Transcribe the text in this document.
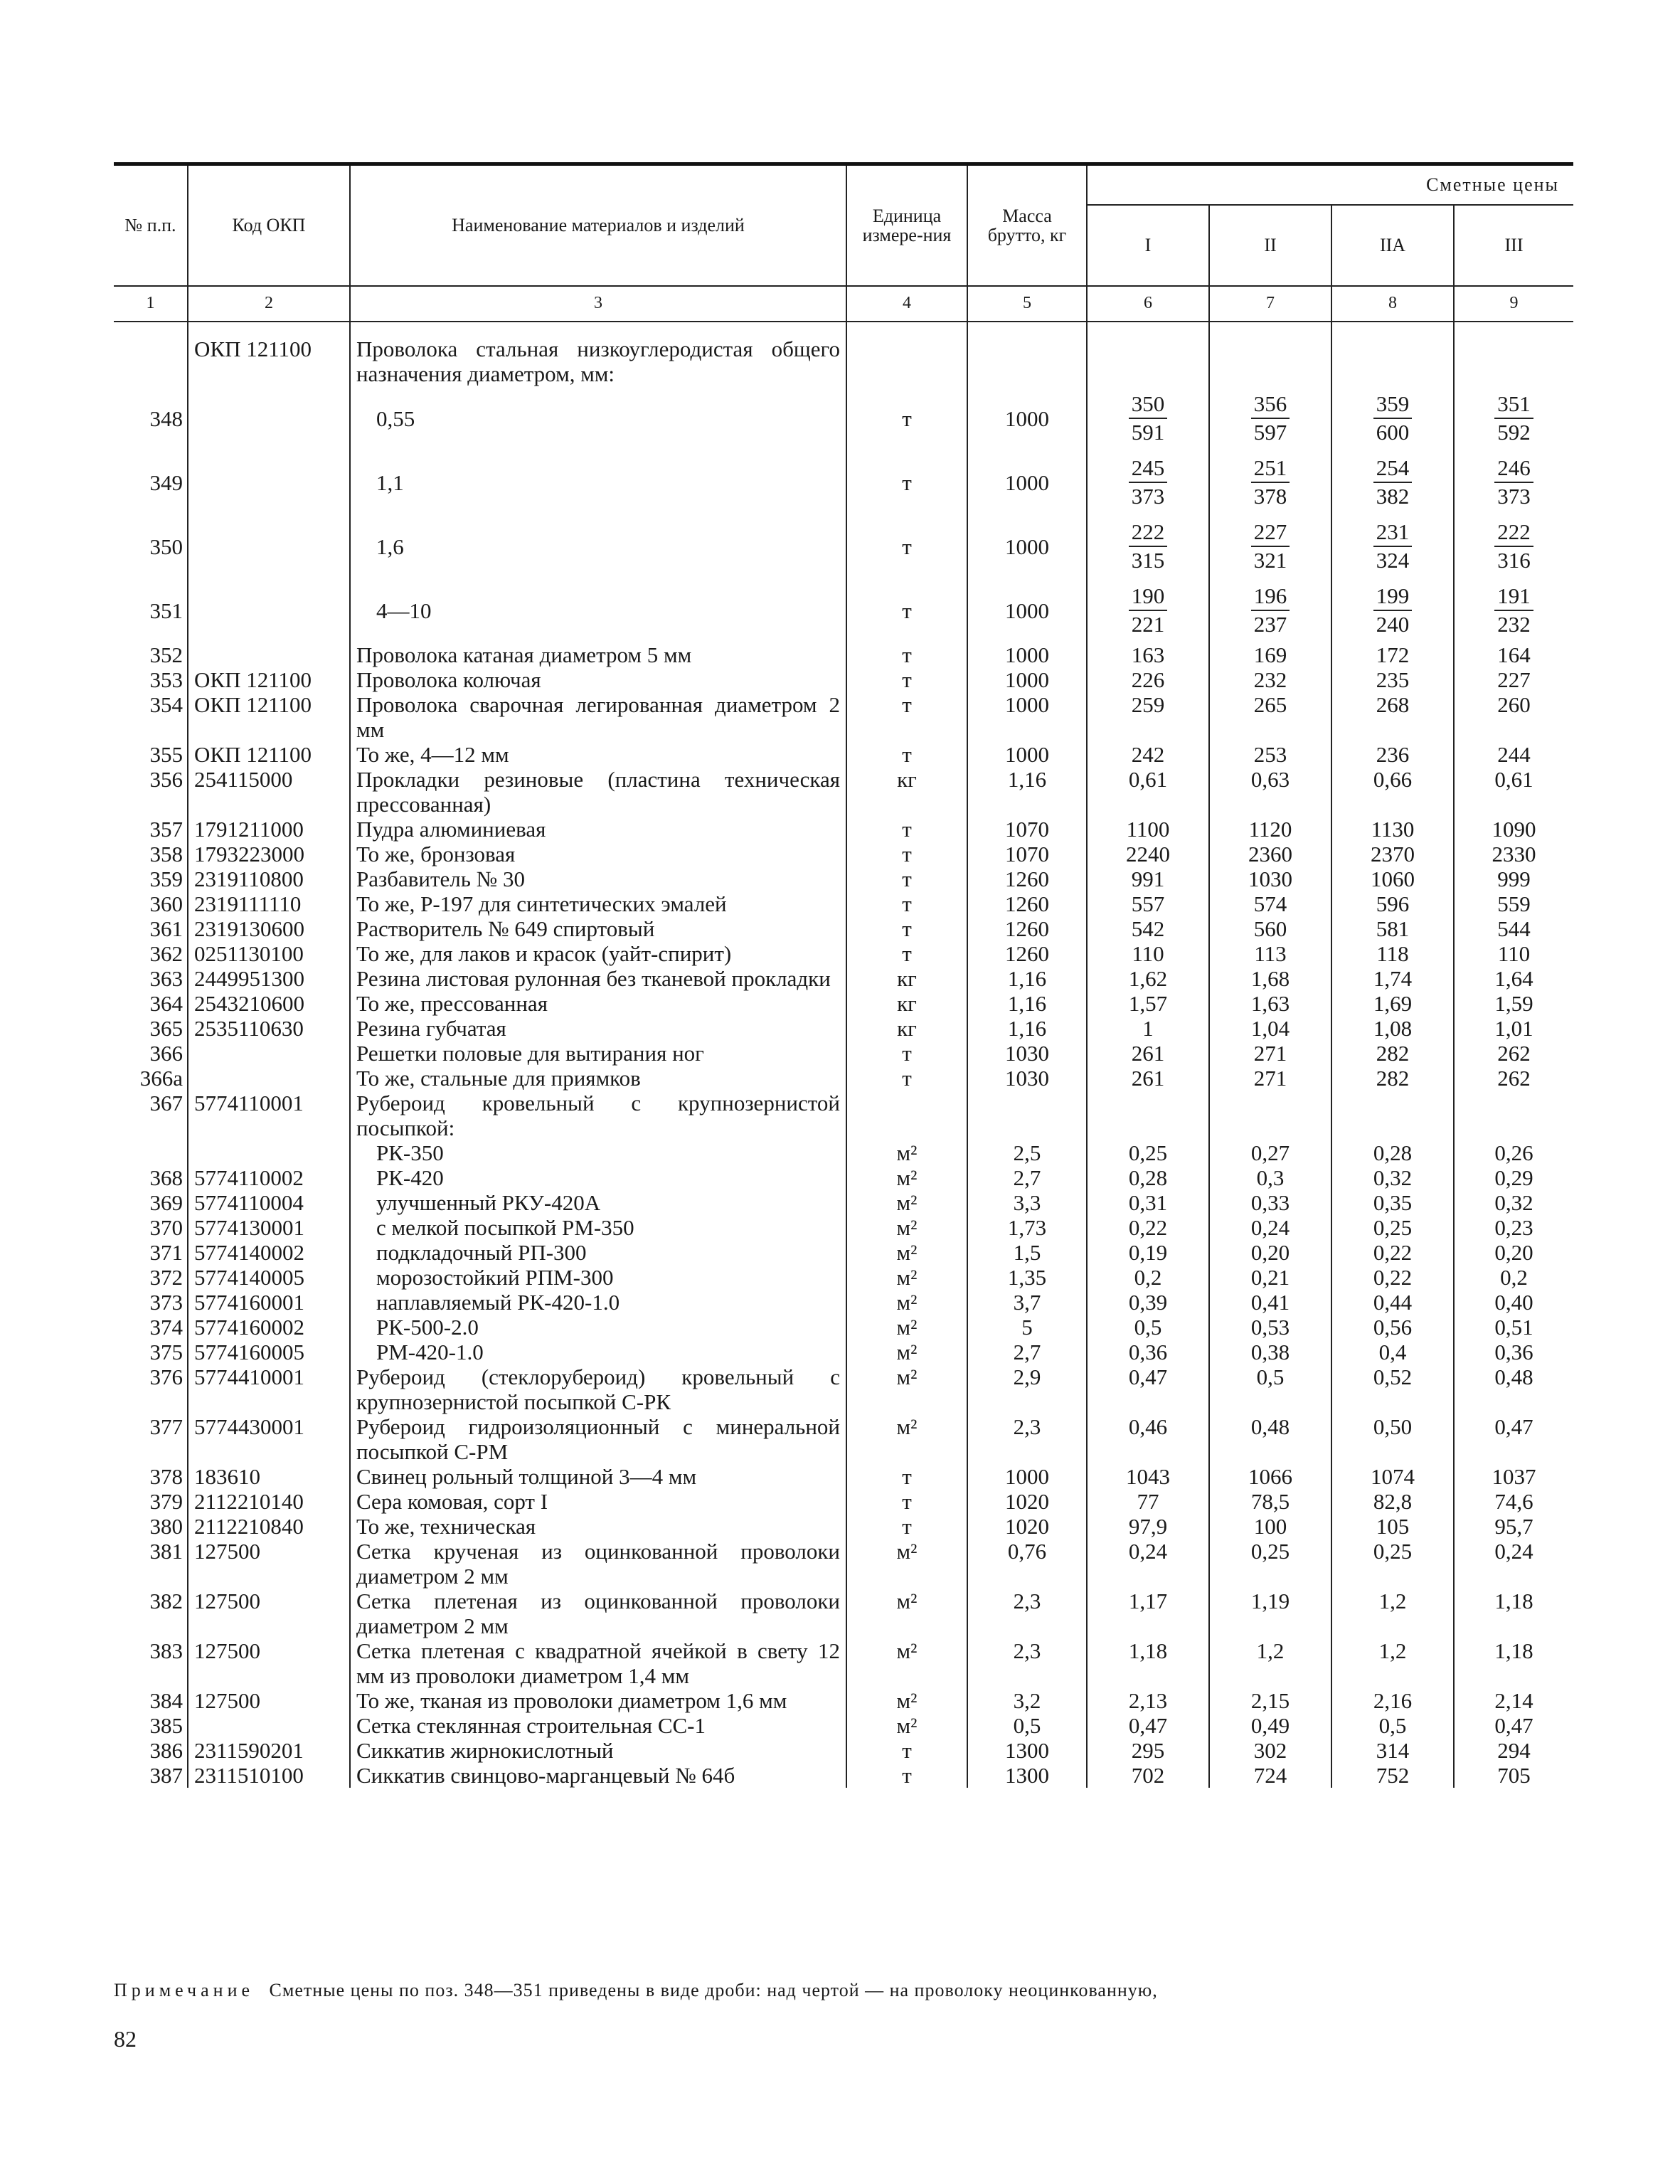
№ п.п.	Код ОКП	Наименование материалов и изделий	Единица измере-ния	Масса брутто, кг	Сметные цены			
					I	II	IIА	III
1	2	3	4	5	6	7	8	9
	ОКП 121100	Проволока стальная низкоуглеродистая общего назначения диаметром, мм:						
348		0,55	т	1000	$\frac{350}{591}$	$\frac{356}{597}$	$\frac{359}{600}$	$\frac{351}{592}$

349		1,1	т	1000	$\frac{245}{373}$	$\frac{251}{378}$	$\frac{254}{382}$	$\frac{246}{373}$

350		1,6	т	1000	$\frac{222}{315}$	$\frac{227}{321}$	$\frac{231}{324}$	$\frac{222}{316}$

351		4—10	т	1000	$\frac{190}{221}$	$\frac{196}{237}$	$\frac{199}{240}$	$\frac{191}{232}$

352		Проволока катаная диаметром 5 мм	т	1000	163	169	172	164
353	ОКП 121100	Проволока колючая	т	1000	226	232	235	227
354	ОКП 121100	Проволока сварочная легированная диаметром 2 мм	т	1000	259	265	268	260
355	ОКП 121100	То же, 4—12 мм	т	1000	242	253	236	244
356	254115000	Прокладки резиновые (пластина техническая прессованная)	кг	1,16	0,61	0,63	0,66	0,61
357	1791211000	Пудра алюминиевая	т	1070	1100	1120	1130	1090
358	1793223000	То же, бронзовая	т	1070	2240	2360	2370	2330
359	2319110800	Разбавитель № 30	т	1260	991	1030	1060	999
360	2319111110	То же, Р-197 для синтетических эмалей	т	1260	557	574	596	559
361	2319130600	Растворитель № 649 спиртовый	т	1260	542	560	581	544
362	0251130100	То же, для лаков и красок (уайт-спирит)	т	1260	110	113	118	110
363	2449951300	Резина листовая рулонная без тканевой прокладки	кг	1,16	1,62	1,68	1,74	1,64
364	2543210600	То же, прессованная	кг	1,16	1,57	1,63	1,69	1,59
365	2535110630	Резина губчатая	кг	1,16	1	1,04	1,08	1,01
366		Решетки половые для вытирания ног	т	1030	261	271	282	262
366а		То же, стальные для приямков	т	1030	261	271	282	262
367	5774110001	Рубероид кровельный с крупнозернистой посыпкой:						
		РК-350	м²	2,5	0,25	0,27	0,28	0,26
368	5774110002	РК-420	м²	2,7	0,28	0,3	0,32	0,29
369	5774110004	улучшенный РКУ-420А	м²	3,3	0,31	0,33	0,35	0,32
370	5774130001	с мелкой посыпкой РМ-350	м²	1,73	0,22	0,24	0,25	0,23
371	5774140002	подкладочный РП-300	м²	1,5	0,19	0,20	0,22	0,20
372	5774140005	морозостойкий РПМ-300	м²	1,35	0,2	0,21	0,22	0,2
373	5774160001	наплавляемый РК-420-1.0	м²	3,7	0,39	0,41	0,44	0,40
374	5774160002	РК-500-2.0	м²	5	0,5	0,53	0,56	0,51
375	5774160005	РМ-420-1.0	м²	2,7	0,36	0,38	0,4	0,36
376	5774410001	Рубероид (стеклорубероид) кровельный с крупнозернистой посыпкой С-РК	м²	2,9	0,47	0,5	0,52	0,48
377	5774430001	Рубероид гидроизоляционный с минеральной посыпкой С-РМ	м²	2,3	0,46	0,48	0,50	0,47
378	183610	Свинец рольный толщиной 3—4 мм	т	1000	1043	1066	1074	1037
379	2112210140	Сера комовая, сорт I	т	1020	77	78,5	82,8	74,6
380	2112210840	То же, техническая	т	1020	97,9	100	105	95,7
381	127500	Сетка крученая из оцинкованной проволоки диаметром 2 мм	м²	0,76	0,24	0,25	0,25	0,24
382	127500	Сетка плетеная из оцинкованной проволоки диаметром 2 мм	м²	2,3	1,17	1,19	1,2	1,18
383	127500	Сетка плетеная с квадратной ячейкой в свету 12 мм из проволоки диаметром 1,4 мм	м²	2,3	1,18	1,2	1,2	1,18
384	127500	То же, тканая из проволоки диаметром 1,6 мм	м²	3,2	2,13	2,15	2,16	2,14
385		Сетка стеклянная строительная СС-1	м²	0,5	0,47	0,49	0,5	0,47
386	2311590201	Сиккатив жирнокислотный	т	1300	295	302	314	294
387	2311510100	Сиккатив свинцово-марганцевый № 64б	т	1300	702	724	752	705
Примечание Сметные цены по поз. 348—351 приведены в виде дроби: над чертой — на проволоку неоцинкованную,
82
